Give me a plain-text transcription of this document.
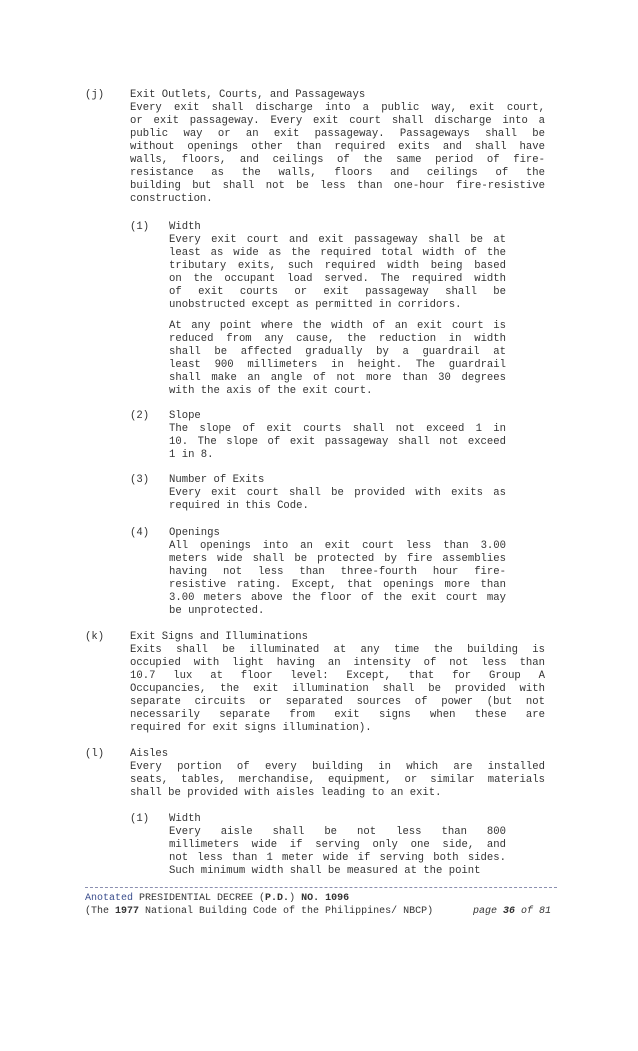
(j) Exit Outlets, Courts, and Passageways
Every exit shall discharge into a public way, exit court,
or exit passageway. Every exit court shall discharge into a
public way or an exit passageway. Passageways shall be
without openings other than required exits and shall have
walls, floors, and ceilings of the same period of fire-
resistance as the walls, floors and ceilings of the
building but shall not be less than one-hour fire-resistive
construction.
(1) Width
Every exit court and exit passageway shall be at
least as wide as the required total width of the
tributary exits, such required width being based
on the occupant load served. The required width
of exit courts or exit passageway shall be
unobstructed except as permitted in corridors.
At any point where the width of an exit court is
reduced from any cause, the reduction in width
shall be affected gradually by a guardrail at
least 900 millimeters in height. The guardrail
shall make an angle of not more than 30 degrees
with the axis of the exit court.
(2) Slope
The slope of exit courts shall not exceed 1 in
10. The slope of exit passageway shall not exceed
1 in 8.
(3) Number of Exits
Every exit court shall be provided with exits as
required in this Code.
(4) Openings
All openings into an exit court less than 3.00
meters wide shall be protected by fire assemblies
having not less than three-fourth hour fire-
resistive rating. Except, that openings more than
3.00 meters above the floor of the exit court may
be unprotected.
(k) Exit Signs and Illuminations
Exits shall be illuminated at any time the building is
occupied with light having an intensity of not less than
10.7 lux at floor level: Except, that for Group A
Occupancies, the exit illumination shall be provided with
separate circuits or separated sources of power (but not
necessarily separate from exit signs when these are
required for exit signs illumination).
(l) Aisles
Every portion of every building in which are installed
seats, tables, merchandise, equipment, or similar materials
shall be provided with aisles leading to an exit.
(1) Width
Every aisle shall be not less than 800
millimeters wide if serving only one side, and
not less than 1 meter wide if serving both sides.
Such minimum width shall be measured at the point
Anotated PRESIDENTIAL DECREE (P.D.) NO. 1096
(The 1977 National Building Code of the Philippines/ NBCP)	page 36 of 81
